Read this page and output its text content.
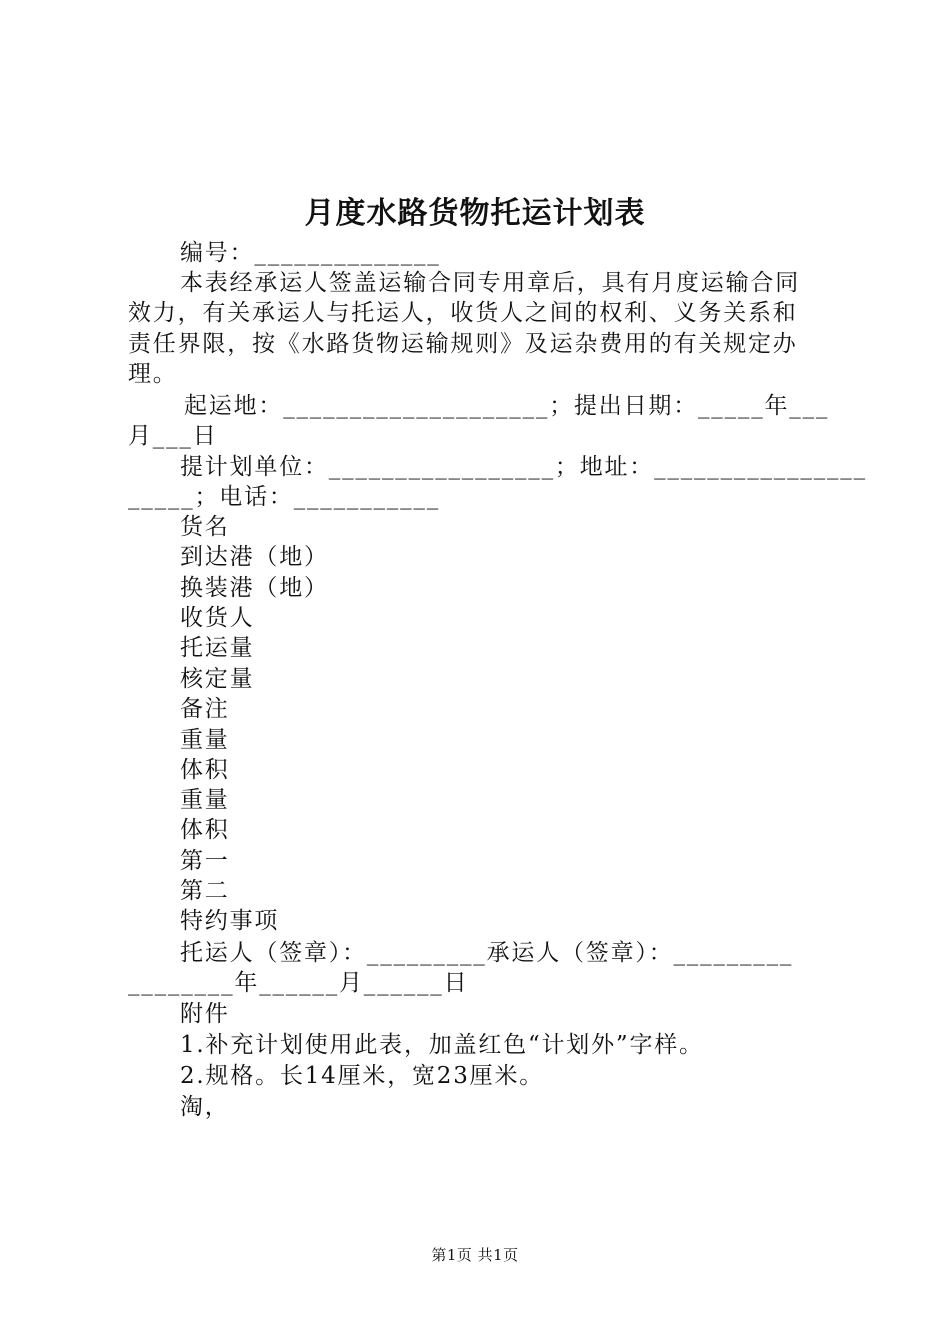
月度水路货物托运计划表
编号：______________
本表经承运人签盖运输合同专用章后，具有月度运输合同
效力，有关承运人与托运人，收货人之间的权利、义务关系和
责任界限，按《水路货物运输规则》及运杂费用的有关规定办
理。
起运地：____________________；提出日期：_____年___
月___日
提计划单位：_________________；地址：________________
_____；电话：___________
货名
到达港（地）
换装港（地）
收货人
托运量
核定量
备注
重量
体积
重量
体积
第一
第二
特约事项
托运人（签章）：_________承运人（签章）：_________
________年______月______日
附件
1.补充计划使用此表，加盖红色“计划外”字样。
2.规格。长14厘米，宽23厘米。
淘，
第1页 共1页
